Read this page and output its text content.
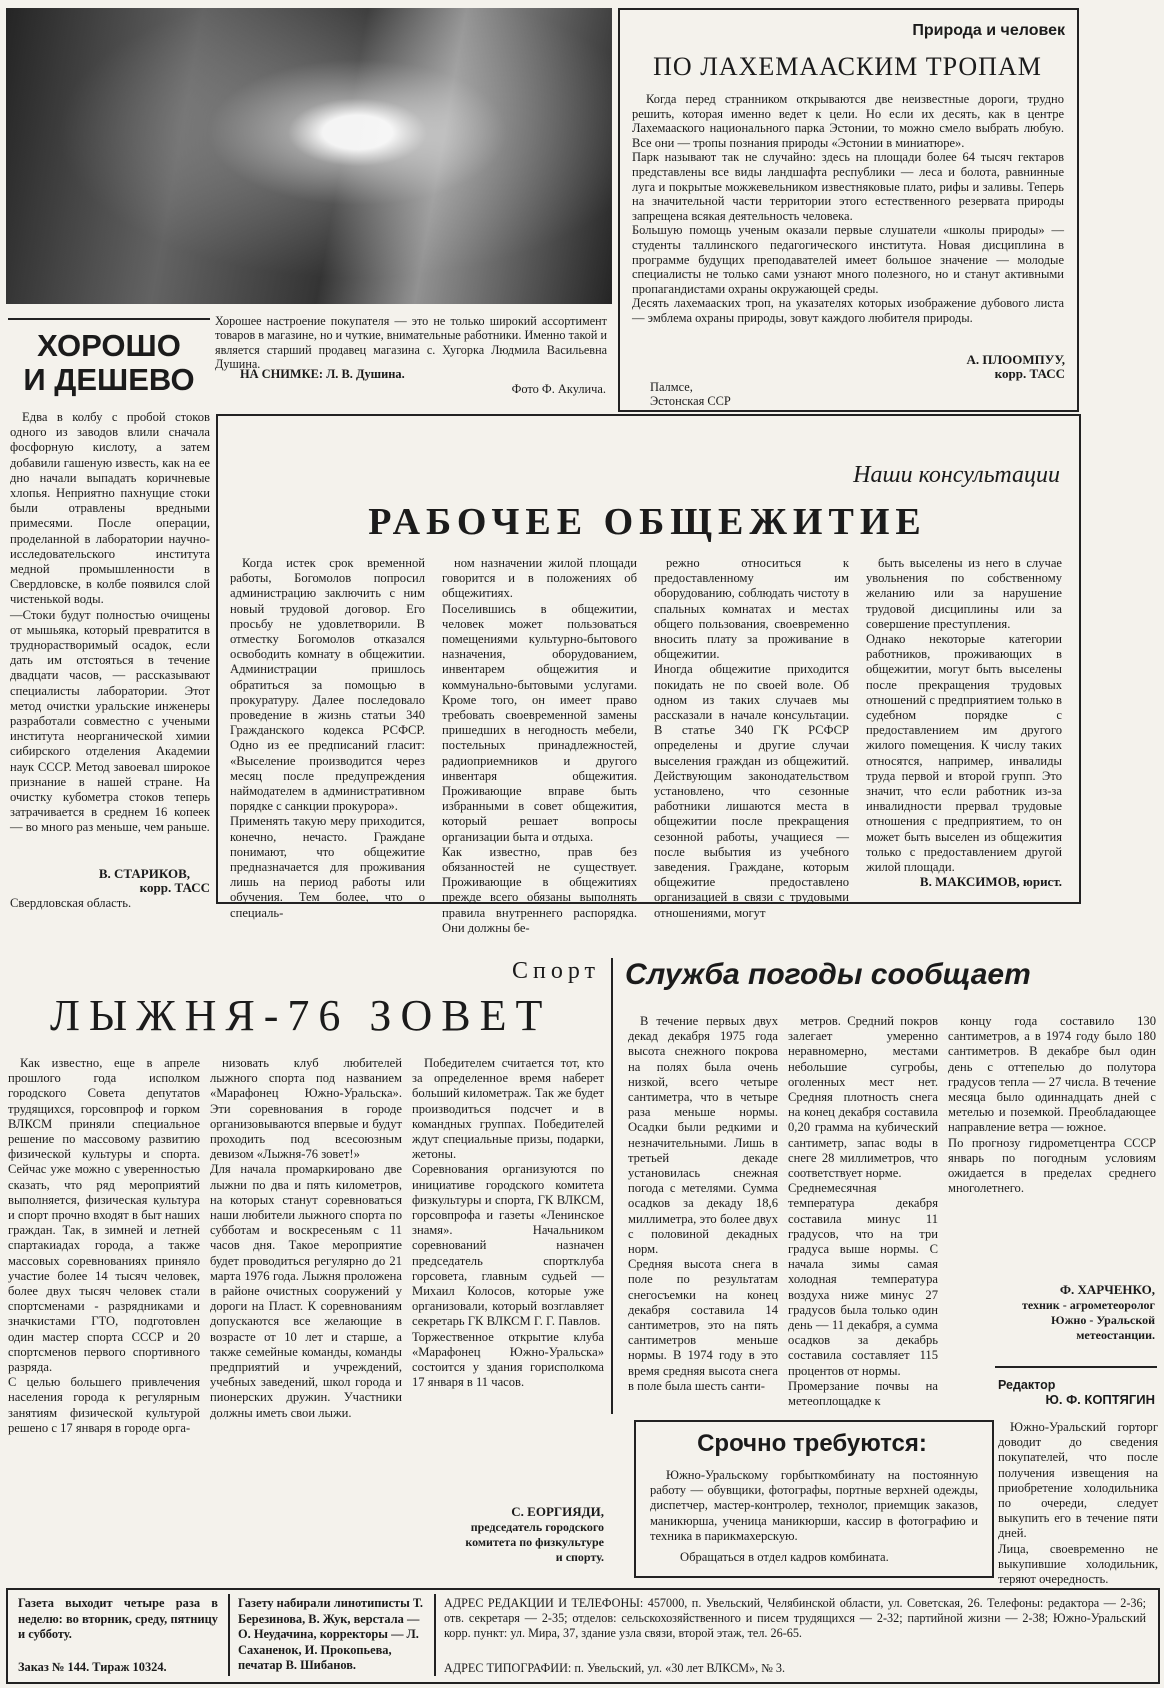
Хорошее настроение покупателя — это не только широкий ассортимент товаров в магазине, но и чуткие, внимательные работники. Именно такой и является старший продавец магазина с. Хугорка Людмила Васильевна Душина.
НА СНИМКЕ: Л. В. Душина.
Фото Ф. Акулича.
Природа и человек
ПО ЛАХЕМААСКИМ ТРОПАМ
Когда перед странником открываются две неизвестные дороги, трудно решить, которая именно ведет к цели. Но если их десять, как в центре Лахемааского национального парка Эстонии, то можно смело выбрать любую. Все они — тропы познания природы «Эстонии в миниатюре».
Парк называют так не случайно: здесь на площади более 64 тысяч гектаров представлены все виды ландшафта республики — леса и болота, равнинные луга и покрытые можжевельником известняковые плато, рифы и заливы. Теперь на значительной части территории этого естественного резервата природы запрещена всякая деятельность человека.
Большую помощь ученым оказали первые слушатели «школы природы» — студенты таллинского педагогического института. Новая дисциплина в программе будущих преподавателей имеет большое значение — молодые специалисты не только сами узнают много полезного, но и станут активными пропагандистами охраны окружающей среды.
Десять лахемааских троп, на указателях которых изображение дубового листа — эмблема охраны природы, зовут каждого любителя природы.
А. ПЛООМПУУ,
корр. ТАСС
Палмсе,
Эстонская ССР
ХОРОШО
И ДЕШЕВО
Едва в колбу с пробой стоков одного из заводов влили сначала фосфорную кислоту, а затем добавили гашеную известь, как на ее дно начали выпадать коричневые хлопья. Неприятно пахнущие стоки были отравлены вредными примесями. После операции, проделанной в лаборатории научно-исследовательского института медной промышленности в Свердловске, в колбе появился слой чистенькой воды.
—Стоки будут полностью очищены от мышьяка, который превратится в труднорастворимый осадок, если дать им отстояться в течение двадцати часов, — рассказывают специалисты лаборатории. Этот метод очистки уральские инженеры разработали совместно с учеными института неорганической химии сибирского отделения Академии наук СССР. Метод завоевал широкое признание в нашей стране. На очистку кубометра стоков теперь затрачивается в среднем 16 копеек — во много раз меньше, чем раньше.
В. СТАРИКОВ,
корр. ТАСС
Свердловская область.
Наши консультации
РАБОЧЕЕ ОБЩЕЖИТИЕ
Когда истек срок временной работы, Богомолов попросил администрацию заключить с ним новый трудовой договор. Его просьбу не удовлетворили. В отместку Богомолов отказался освободить комнату в общежитии. Администрации пришлось обратиться за помощью в прокуратуру. Далее последовало проведение в жизнь статьи 340 Гражданского кодекса РСФСР. Одно из ее предписаний гласит: «Выселение производится через месяц после предупреждения наймодателем в административном порядке с санкции прокурора».
Применять такую меру приходится, конечно, нечасто. Граждане понимают, что общежитие предназначается для проживания лишь на период работы или обучения. Тем более, что о специаль-
ном назначении жилой площади говорится и в положениях об общежитиях.
Поселившись в общежитии, человек может пользоваться помещениями культурно-бытового назначения, оборудованием, инвентарем общежития и коммунально-бытовыми услугами. Кроме того, он имеет право требовать своевременной замены пришедших в негодность мебели, постельных принадлежностей, радиоприемников и другого инвентаря общежития. Проживающие вправе быть избранными в совет общежития, который решает вопросы организации быта и отдыха.
Как известно, прав без обязанностей не существует. Проживающие в общежитиях прежде всего обязаны выполнять правила внутреннего распорядка. Они должны бе-
режно относиться к предоставленному им оборудованию, соблюдать чистоту в спальных комнатах и местах общего пользования, своевременно вносить плату за проживание в общежитии.
Иногда общежитие приходится покидать не по своей воле. Об одном из таких случаев мы рассказали в начале консультации. В статье 340 ГК РСФСР определены и другие случаи выселения граждан из общежитий. Действующим законодательством установлено, что сезонные работники лишаются места в общежитии после прекращения сезонной работы, учащиеся — после выбытия из учебного заведения. Граждане, которым общежитие предоставлено организацией в связи с трудовыми отношениями, могут
быть выселены из него в случае увольнения по собственному желанию или за нарушение трудовой дисциплины или за совершение преступления.
Однако некоторые категории работников, проживающих в общежитии, могут быть выселены после прекращения трудовых отношений с предприятием только в судебном порядке с предоставлением им другого жилого помещения. К числу таких относятся, например, инвалиды труда первой и второй групп. Это значит, что если работник из-за инвалидности прервал трудовые отношения с предприятием, то он может быть выселен из общежития только с предоставлением другой жилой площади.
В. МАКСИМОВ, юрист.
Спорт
ЛЫЖНЯ-76 ЗОВЕТ
Как известно, еще в апреле прошлого года исполком городского Совета депутатов трудящихся, горсовпроф и горком ВЛКСМ приняли специальное решение по массовому развитию физической культуры и спорта. Сейчас уже можно с уверенностью сказать, что ряд мероприятий выполняется, физическая культура и спорт прочно входят в быт наших граждан. Так, в зимней и летней спартакиадах города, а также массовых соревнованиях приняло участие более 14 тысяч человек, более двух тысяч человек стали спортсменами - разрядниками и значкистами ГТО, подготовлен один мастер спорта СССР и 20 спортсменов первого спортивного разряда.
С целью большего привлечения населения города к регулярным занятиям физической культурой решено с 17 января в городе орга-
низовать клуб любителей лыжного спорта под названием «Марафонец Южно-Уральска». Эти соревнования в городе организовываются впервые и будут проходить под всесоюзным девизом «Лыжня-76 зовет!»
Для начала промаркировано две лыжни по два и пять километров, на которых станут соревноваться наши любители лыжного спорта по субботам и воскресеньям с 11 часов дня. Такое мероприятие будет проводиться регулярно до 21 марта 1976 года. Лыжня проложена в районе очистных сооружений у дороги на Пласт. К соревнованиям допускаются все желающие в возрасте от 10 лет и старше, а также семейные команды, команды предприятий и учреждений, учебных заведений, школ города и пионерских дружин. Участники должны иметь свои лыжи.
Победителем считается тот, кто за определенное время наберет больший километраж. Так же будет производиться подсчет и в командных группах. Победителей ждут специальные призы, подарки, жетоны.
Соревнования организуются по инициативе городского комитета физкультуры и спорта, ГК ВЛКСМ, горсовпрофа и газеты «Ленинское знамя». Начальником соревнований назначен председатель спортклуба горсовета, главным судьей — Михаил Колосов, которые уже организовали, который возглавляет секретарь ГК ВЛКСМ Г. Г. Павлов.
Торжественное открытие клуба «Марафонец Южно-Уральска» состоится у здания горисполкома 17 января в 11 часов.
С. ЕОРГИЯДИ,
председатель городского
комитета по физкультуре
и спорту.
Служба погоды сообщает
В течение первых двух декад декабря 1975 года высота снежного покрова на полях была очень низкой, всего четыре сантиметра, что в четыре раза меньше нормы. Осадки были редкими и незначительными. Лишь в третьей декаде установилась снежная погода с метелями. Сумма осадков за декаду 18,6 миллиметра, это более двух с половиной декадных норм.
Средняя высота снега в поле по результатам снегосъемки на конец декабря составила 14 сантиметров, это на пять сантиметров меньше нормы. В 1974 году в это время средняя высота снега в поле была шесть санти-
метров. Средний покров залегает умеренно неравномерно, местами небольшие сугробы, оголенных мест нет. Средняя плотность снега на конец декабря составила 0,20 грамма на кубический сантиметр, запас воды в снеге 28 миллиметров, что соответствует норме.
Среднемесячная температура декабря составила минус 11 градусов, что на три градуса выше нормы. С начала зимы самая холодная температура воздуха ниже минус 27 градусов была только один день — 11 декабря, а сумма осадков за декабрь составила составляет 115 процентов от нормы.
Промерзание почвы на метеоплощадке к
концу года составило 130 сантиметров, а в 1974 году было 180 сантиметров. В декабре был один день с оттепелью до полутора градусов тепла — 27 числа. В течение месяца было одиннадцать дней с метелью и поземкой. Преобладающее направление ветра — южное.
По прогнозу гидрометцентра СССР январь по погодным условиям ожидается в пределах среднего многолетнего.
Ф. ХАРЧЕНКО,
техник - агрометеоролог Южно - Уральской метеостанции.
Редактор
Ю. Ф. КОПТЯГИН
Срочно требуются:
Южно-Уральскому горбыткомбинату на постоянную работу — обувщики, фотографы, портные верхней одежды, диспетчер, мастер-контролер, технолог, приемщик заказов, маникюрша, ученица маникюрши, кассир в фотографию и техника в парикмахерскую.
Обращаться в отдел кадров комбината.
Южно-Уральский горторг доводит до сведения покупателей, что после получения извещения на приобретение холодильника по очереди, следует выкупить его в течение пяти дней.
Лица, своевременно не выкупившие холодильник, теряют очередность.
Газета выходит четыре раза в неделю: во вторник, среду, пятницу и субботу.
Заказ № 144. Тираж 10324.
Газету набирали линотиписты Т. Березинова, В. Жук, верстала — О. Неудачина, корректоры — Л. Саханенок, И. Прокопьева, печатар В. Шибанов.
АДРЕС РЕДАКЦИИ И ТЕЛЕФОНЫ: 457000, п. Увельский, Челябинской области, ул. Советская, 26. Телефоны: редактора — 2-36; отв. секретаря — 2-35; отделов: сельскохозяйственного и писем трудящихся — 2-32; партийной жизни — 2-38; Южно-Уральский корр. пункт: ул. Мира, 37, здание узла связи, второй этаж, тел. 26-65.
АДРЕС ТИПОГРАФИИ: п. Увельский, ул. «30 лет ВЛКСМ», № 3.
